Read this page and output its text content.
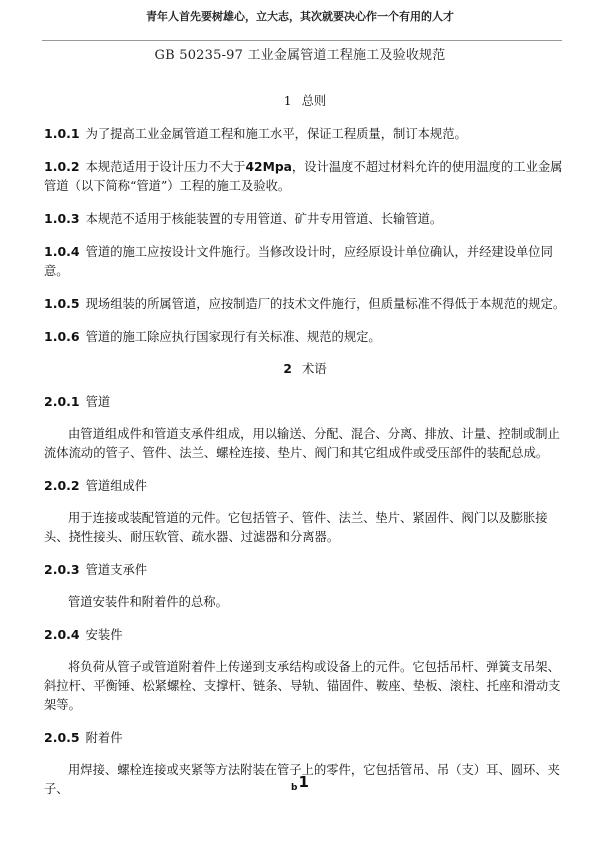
青年人首先要树雄心，立大志，其次就要决心作一个有用的人才
GB 50235-97 工业金属管道工程施工及验收规范
1 总则
1.0.1 为了提高工业金属管道工程和施工水平，保证工程质量，制订本规范。
1.0.2 本规范适用于设计压力不大于42Mpa，设计温度不超过材料允许的使用温度的工业金属管道（以下简称“管道”）工程的施工及验收。
1.0.3 本规范不适用于核能装置的专用管道、矿井专用管道、长输管道。
1.0.4 管道的施工应按设计文件施行。当修改设计时，应经原设计单位确认，并经建设单位同意。
1.0.5 现场组装的所属管道，应按制造厂的技术文件施行，但质量标准不得低于本规范的规定。
1.0.6 管道的施工除应执行国家现行有关标准、规范的规定。
2 术语
2.0.1 管道
由管道组成件和管道支承件组成，用以输送、分配、混合、分离、排放、计量、控制或制止流体流动的管子、管件、法兰、螺栓连接、垫片、阀门和其它组成件或受压部件的装配总成。
2.0.2 管道组成件
用于连接或装配管道的元件。它包括管子、管件、法兰、垫片、紧固件、阀门以及膨胀接头、挠性接头、耐压软管、疏水器、过滤器和分离器。
2.0.3 管道支承件
管道安装件和附着件的总称。
2.0.4 安装件
将负荷从管子或管道附着件上传递到支承结构或设备上的元件。它包括吊杆、弹簧支吊架、斜拉杆、平衡锤、松紧螺栓、支撑杆、链条、导轨、锚固件、鞍座、垫板、滚柱、托座和滑动支架等。
2.0.5 附着件
用焊接、螺栓连接或夹紧等方法附装在管子上的零件，它包括管吊、吊（支）耳、圆环、夹子、	b1
